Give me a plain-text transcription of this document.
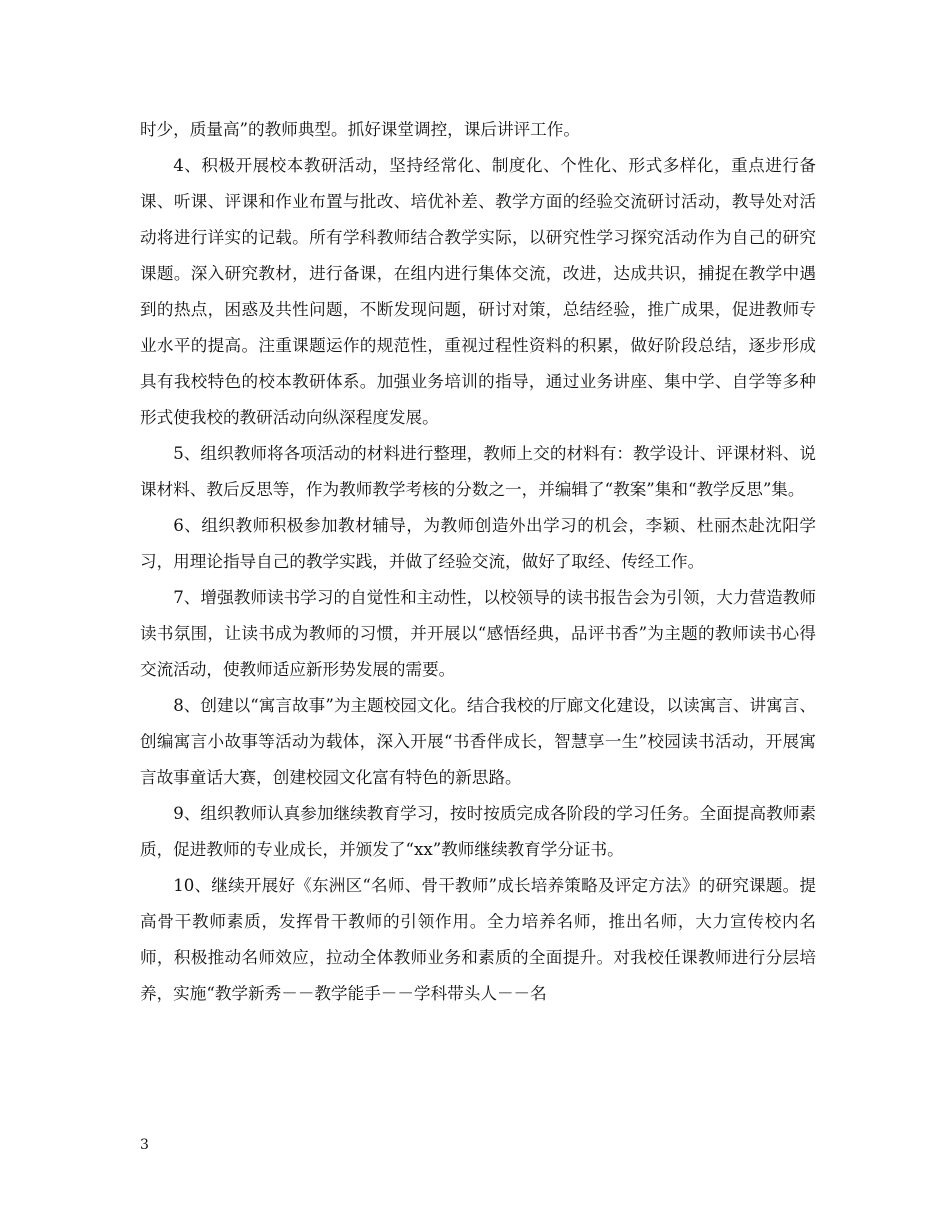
时少，质量高”的教师典型。抓好课堂调控，课后讲评工作。

4、积极开展校本教研活动，坚持经常化、制度化、个性化、形式多样化，重点进行备课、听课、评课和作业布置与批改、培优补差、教学方面的经验交流研讨活动，教导处对活动将进行详实的记载。所有学科教师结合教学实际，以研究性学习探究活动作为自己的研究课题。深入研究教材，进行备课，在组内进行集体交流，改进，达成共识，捕捉在教学中遇到的热点，困惑及共性问题，不断发现问题，研讨对策，总结经验，推广成果，促进教师专业水平的提高。注重课题运作的规范性，重视过程性资料的积累，做好阶段总结，逐步形成具有我校特色的校本教研体系。加强业务培训的指导，通过业务讲座、集中学、自学等多种形式使我校的教研活动向纵深程度发展。

5、组织教师将各项活动的材料进行整理，教师上交的材料有：教学设计、评课材料、说课材料、教后反思等，作为教师教学考核的分数之一，并编辑了“教案”集和“教学反思”集。

6、组织教师积极参加教材辅导，为教师创造外出学习的机会，李颖、杜丽杰赴沈阳学习，用理论指导自己的教学实践，并做了经验交流，做好了取经、传经工作。

7、增强教师读书学习的自觉性和主动性，以校领导的读书报告会为引领，大力营造教师读书氛围，让读书成为教师的习惯，并开展以“感悟经典，品评书香”为主题的教师读书心得交流活动，使教师适应新形势发展的需要。

8、创建以“寓言故事”为主题校园文化。结合我校的厅廊文化建设，以读寓言、讲寓言、创编寓言小故事等活动为载体，深入开展“书香伴成长，智慧享一生”校园读书活动，开展寓言故事童话大赛，创建校园文化富有特色的新思路。

9、组织教师认真参加继续教育学习，按时按质完成各阶段的学习任务。全面提高教师素质，促进教师的专业成长，并颁发了“xx”教师继续教育学分证书。

10、继续开展好《东洲区“名师、骨干教师”成长培养策略及评定方法》的研究课题。提高骨干教师素质，发挥骨干教师的引领作用。全力培养名师，推出名师，大力宣传校内名师，积极推动名师效应，拉动全体教师业务和素质的全面提升。对我校任课教师进行分层培养，实施“教学新秀－－教学能手－－学科带头人－－名

3
